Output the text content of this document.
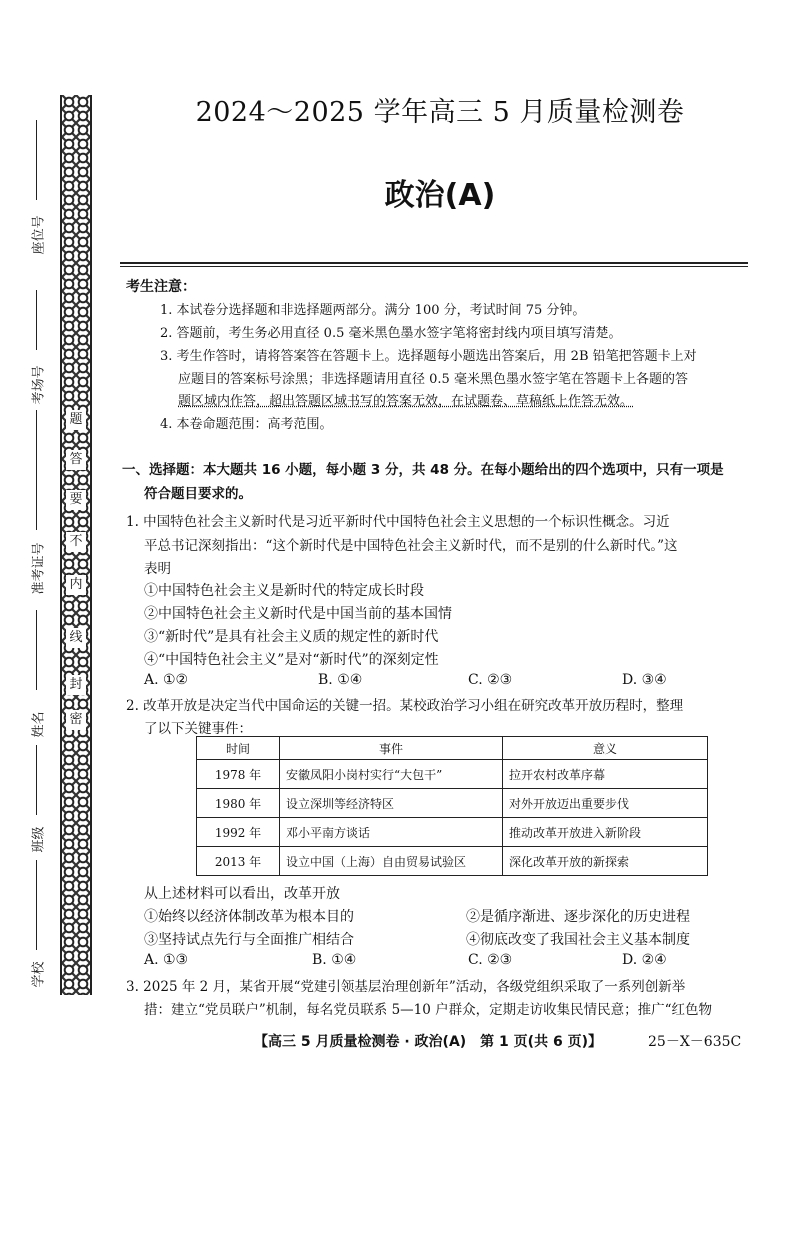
座位号
考场号
准考证号
姓名
班级
学校
题
答
要
不
内
线
封
密
2024～2025 学年高三 5 月质量检测卷
政治(A)
考生注意：
1. 本试卷分选择题和非选择题两部分。满分 100 分，考试时间 75 分钟。
2. 答题前，考生务必用直径 0.5 毫米黑色墨水签字笔将密封线内项目填写清楚。
3. 考生作答时，请将答案答在答题卡上。选择题每小题选出答案后，用 2B 铅笔把答题卡上对
应题目的答案标号涂黑；非选择题请用直径 0.5 毫米黑色墨水签字笔在答题卡上各题的答
题区域内作答，超出答题区域书写的答案无效，在试题卷、草稿纸上作答无效。
4. 本卷命题范围：高考范围。
一、选择题：本大题共 16 小题，每小题 3 分，共 48 分。在每小题给出的四个选项中，只有一项是
符合题目要求的。
1. 中国特色社会主义新时代是习近平新时代中国特色社会主义思想的一个标识性概念。习近
平总书记深刻指出：“这个新时代是中国特色社会主义新时代，而不是别的什么新时代。”这
表明
①中国特色社会主义是新时代的特定成长时段
②中国特色社会主义新时代是中国当前的基本国情
③“新时代”是具有社会主义质的规定性的新时代
④“中国特色社会主义”是对“新时代”的深刻定性
A. ①②	B. ①④	C. ②③	D. ③④
2. 改革开放是决定当代中国命运的关键一招。某校政治学习小组在研究改革开放历程时，整理
了以下关键事件：
时间	事件	意义
1978 年	安徽凤阳小岗村实行“大包干”	拉开农村改革序幕
1980 年	设立深圳等经济特区	对外开放迈出重要步伐
1992 年	邓小平南方谈话	推动改革开放进入新阶段
2013 年	设立中国（上海）自由贸易试验区	深化改革开放的新探索
从上述材料可以看出，改革开放
①始终以经济体制改革为根本目的	②是循序渐进、逐步深化的历史进程
③坚持试点先行与全面推广相结合	④彻底改变了我国社会主义基本制度
A. ①③	B. ①④	C. ②③	D. ②④
3. 2025 年 2 月，某省开展“党建引领基层治理创新年”活动，各级党组织采取了一系列创新举
措：建立“党员联户”机制，每名党员联系 5—10 户群众，定期走访收集民情民意；推广“红色物
【高三 5 月质量检测卷 · 政治(A)　第 1 页(共 6 页)】	25－X－635C
